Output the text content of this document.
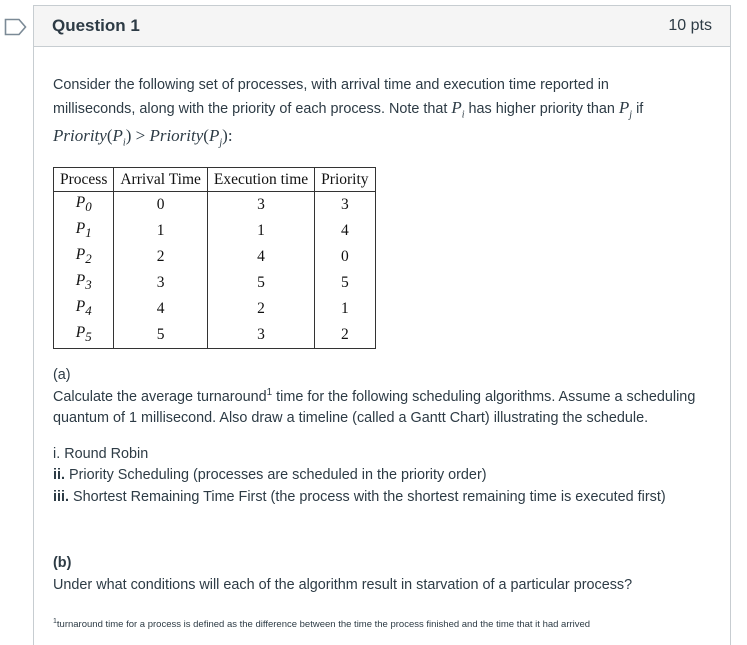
Question 1	10 pts

Consider the following set of processes, with arrival time and execution time reported in
milliseconds, along with the priority of each process. Note that $P_i$ has higher priority than $P_j$ if
$Priority(P_i)$ > $Priority(P_j)$:

Process	Arrival Time	Execution time	Priority
$P_0$	0	3	3
$P_1$	1	1	4
$P_2$	2	4	0
$P_3$	3	5	5
$P_4$	4	2	1
$P_5$	5	3	2

(a)

Calculate the average turnaround$^1$ time for the following scheduling algorithms. Assume a scheduling quantum of 1 millisecond. Also draw a timeline (called a Gantt Chart) illustrating the schedule.

i. Round Robin

ii. Priority Scheduling (processes are scheduled in the priority order)

iii. Shortest Remaining Time First (the process with the shortest remaining time is executed first)

(b)

Under what conditions will each of the algorithm result in starvation of a particular process?

$^1$turnaround time for a process is defined as the difference between the time the process finished and the time that it had arrived
